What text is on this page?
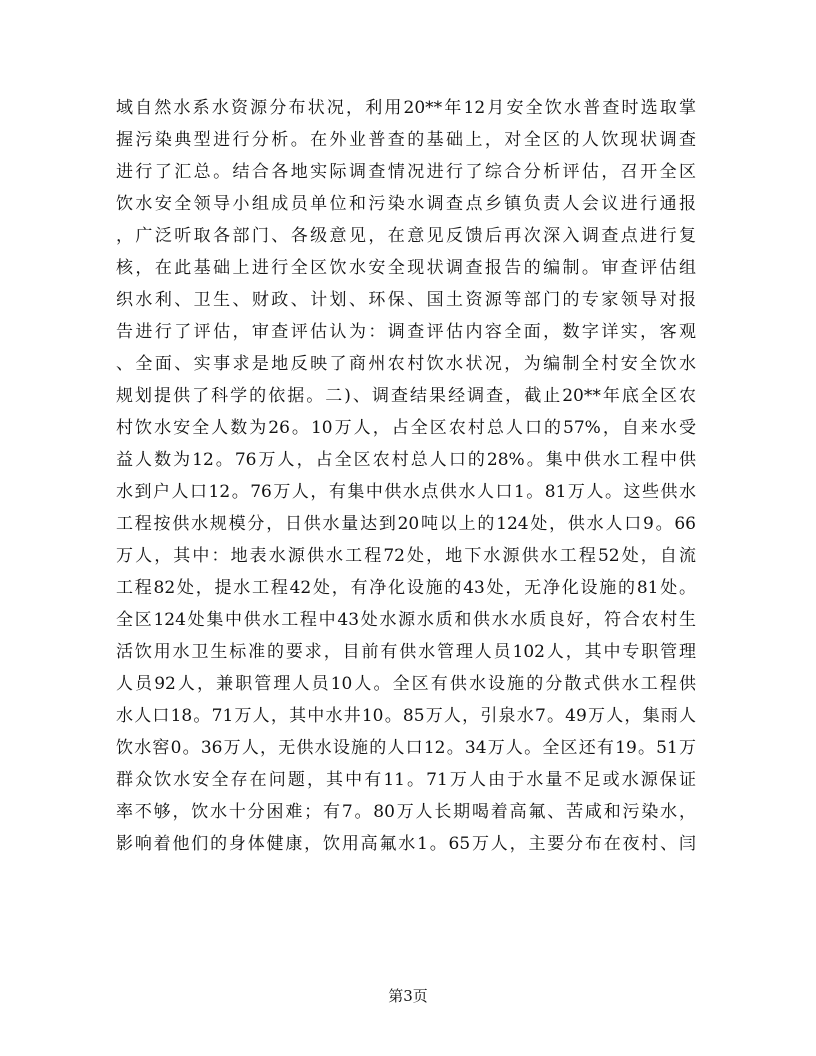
域自然水系水资源分布状况，利用20**年12月安全饮水普查时选取掌
握污染典型进行分析。在外业普查的基础上，对全区的人饮现状调查
进行了汇总。结合各地实际调查情况进行了综合分析评估，召开全区
饮水安全领导小组成员单位和污染水调查点乡镇负责人会议进行通报
，广泛听取各部门、各级意见，在意见反馈后再次深入调查点进行复
核，在此基础上进行全区饮水安全现状调查报告的编制。审查评估组
织水利、卫生、财政、计划、环保、国土资源等部门的专家领导对报
告进行了评估，审查评估认为：调查评估内容全面，数字详实，客观
、全面、实事求是地反映了商州农村饮水状况，为编制全村安全饮水
规划提供了科学的依据。二)、调查结果经调查，截止20**年底全区农
村饮水安全人数为26。10万人，占全区农村总人口的57%，自来水受
益人数为12。76万人，占全区农村总人口的28%。集中供水工程中供
水到户人口12。76万人，有集中供水点供水人口1。81万人。这些供水
工程按供水规模分，日供水量达到20吨以上的124处，供水人口9。66
万人，其中：地表水源供水工程72处，地下水源供水工程52处，自流
工程82处，提水工程42处，有净化设施的43处，无净化设施的81处。
全区124处集中供水工程中43处水源水质和供水水质良好，符合农村生
活饮用水卫生标准的要求，目前有供水管理人员102人，其中专职管理
人员92人，兼职管理人员10人。全区有供水设施的分散式供水工程供
水人口18。71万人，其中水井10。85万人，引泉水7。49万人，集雨人
饮水窖0。36万人，无供水设施的人口12。34万人。全区还有19。51万
群众饮水安全存在问题，其中有11。71万人由于水量不足或水源保证
率不够，饮水十分困难；有7。80万人长期喝着高氟、苦咸和污染水，
影响着他们的身体健康，饮用高氟水1。65万人，主要分布在夜村、闫
第3页
